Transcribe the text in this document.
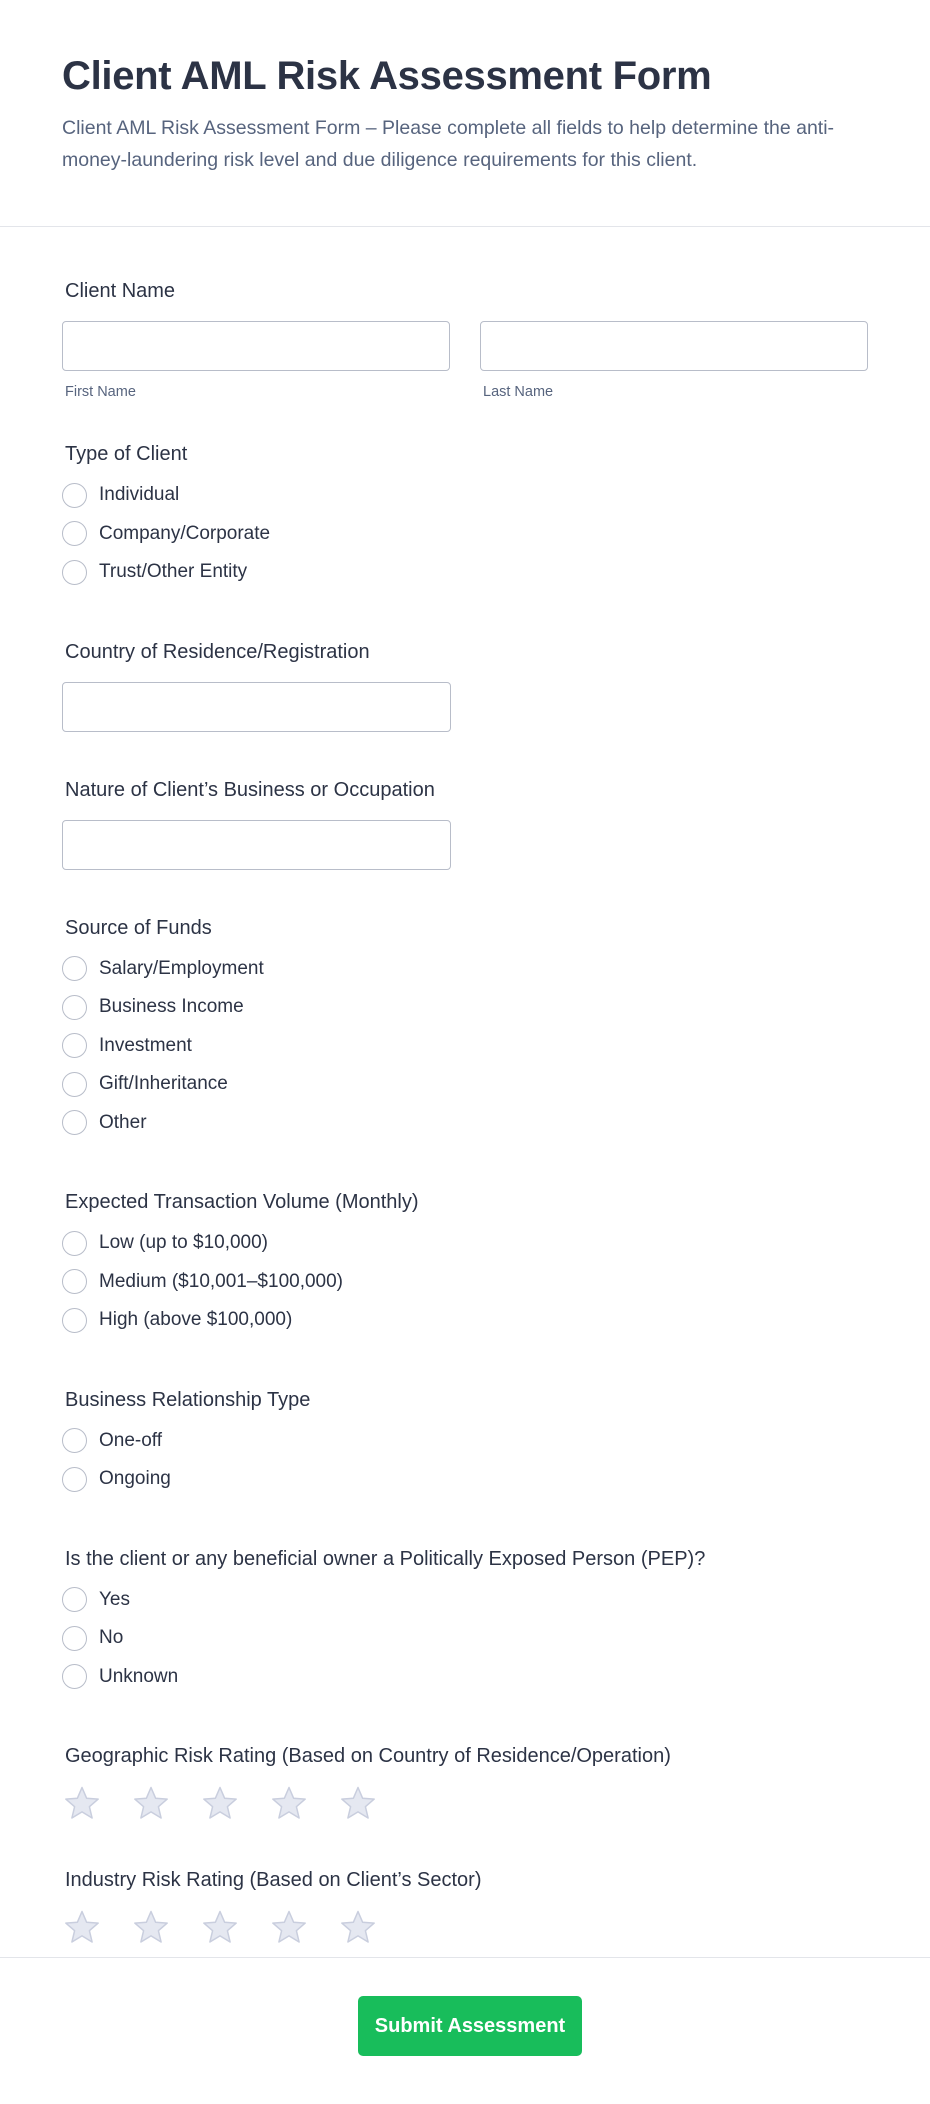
Client AML Risk Assessment Form

Client AML Risk Assessment Form – Please complete all fields to help determine the anti-money-laundering risk level and due diligence requirements for this client.

Client Name
First Name	Last Name
Type of Client
Individual
Company/Corporate
Trust/Other Entity
Country of Residence/Registration
Nature of Client’s Business or Occupation
Source of Funds
Salary/Employment
Business Income
Investment
Gift/Inheritance
Other
Expected Transaction Volume (Monthly)
Low (up to $10,000)
Medium ($10,001–$100,000)
High (above $100,000)
Business Relationship Type
One-off
Ongoing
Is the client or any beneficial owner a Politically Exposed Person (PEP)?
Yes
No
Unknown
Geographic Risk Rating (Based on Country of Residence/Operation)
Industry Risk Rating (Based on Client’s Sector)
Submit Assessment
